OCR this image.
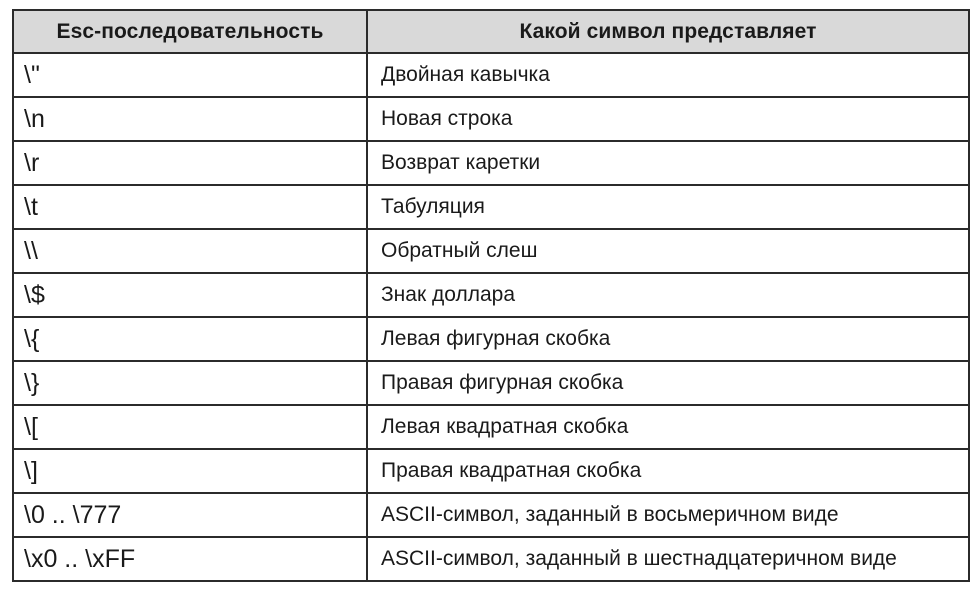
Esc-последовательность	Какой символ представляет
\"	Двойная кавычка
\n	Новая строка
\r	Возврат каретки
\t	Табуляция
\\	Обратный слеш
\$	Знак доллара
\{	Левая фигурная скобка
\}	Правая фигурная скобка
\[	Левая квадратная скобка
\]	Правая квадратная скобка
\0 .. \777	ASCII-символ, заданный в восьмеричном виде
\x0 .. \xFF	ASCII-символ, заданный в шестнадцатеричном виде
